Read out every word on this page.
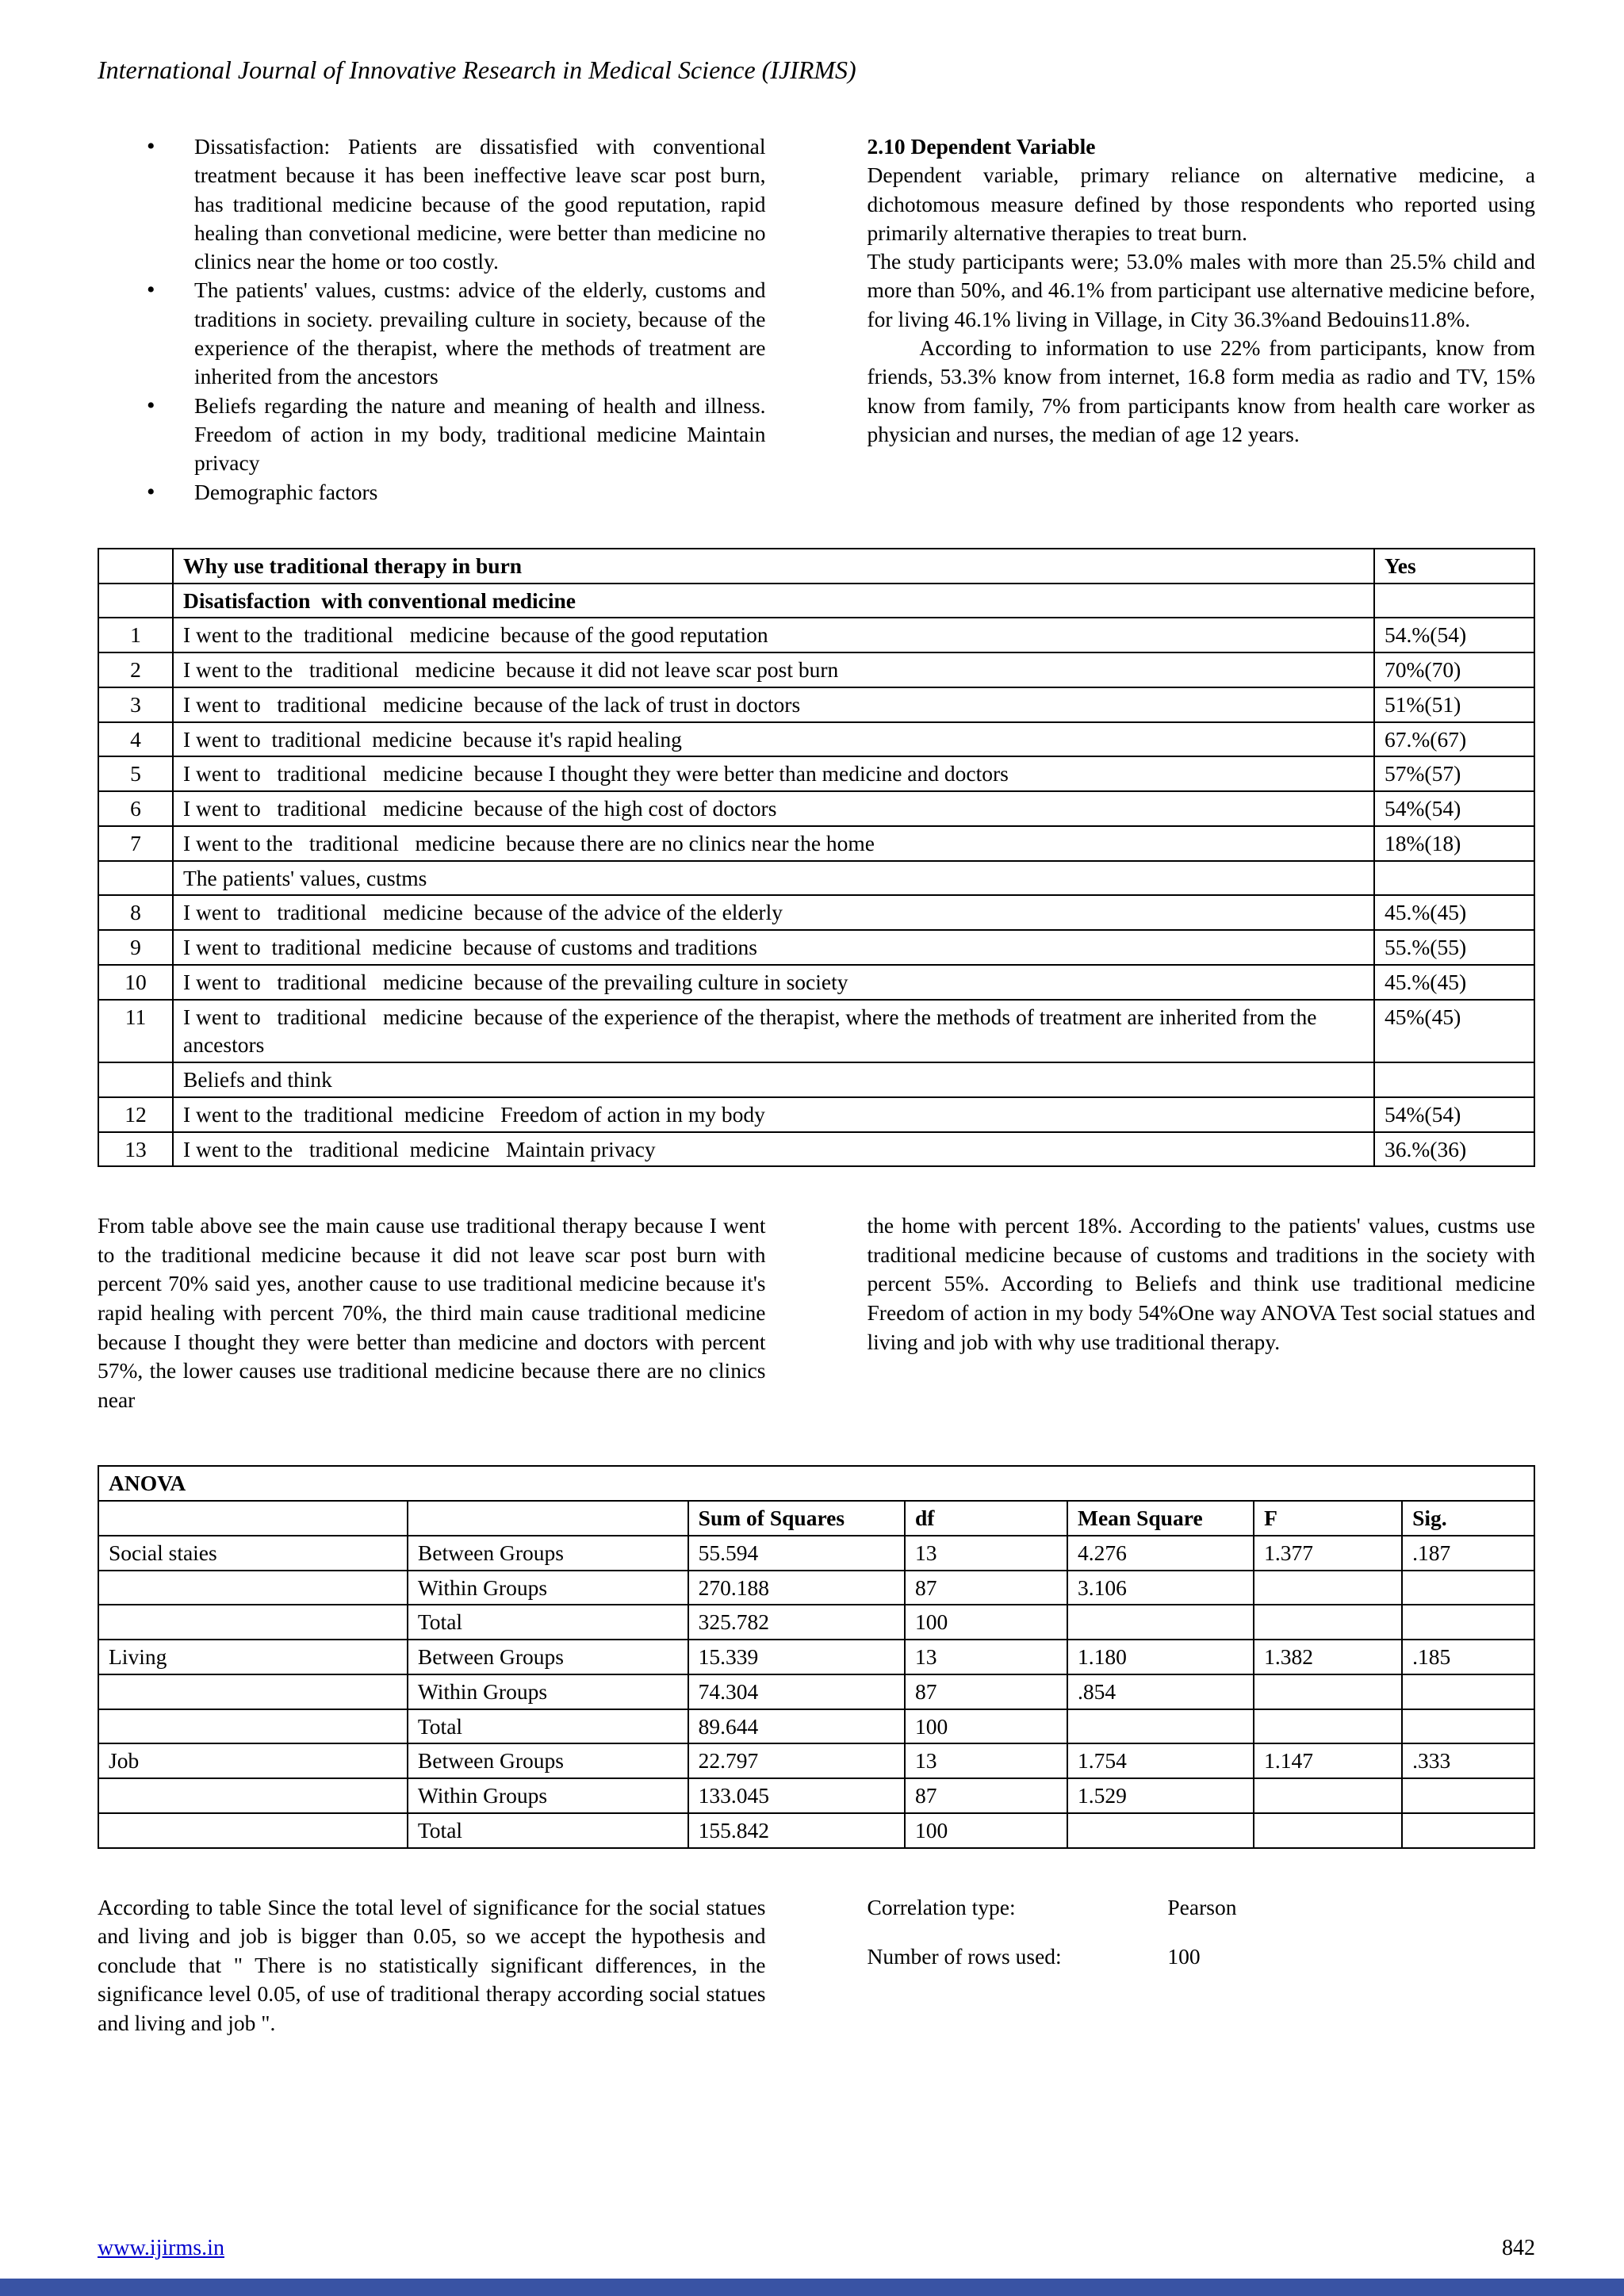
International Journal of Innovative Research in Medical Science (IJIRMS)
• Dissatisfaction: Patients are dissatisfied with conventional treatment because it has been ineffective leave scar post burn, has traditional medicine because of the good reputation, rapid healing than convetional medicine, were better than medicine no clinics near the home or too costly.
• The patients' values, custms: advice of the elderly, customs and traditions in society. prevailing culture in society, because of the experience of the therapist, where the methods of treatment are inherited from the ancestors
• Beliefs regarding the nature and meaning of health and illness. Freedom of action in my body, traditional medicine Maintain privacy
• Demographic factors
2.10 Dependent Variable

Dependent variable, primary reliance on alternative medicine, a dichotomous measure defined by those respondents who reported using primarily alternative therapies to treat burn.

The study participants were; 53.0% males with more than 25.5% child and more than 50%, and 46.1% from participant use alternative medicine before, for living 46.1% living in Village, in City 36.3%and Bedouins11.8%.

According to information to use 22% from participants, know from friends, 53.3% know from internet, 16.8 form media as radio and TV, 15% know from family, 7% from participants know from health care worker as physician and nurses, the median of age 12 years.

	Why use traditional therapy in burn	Yes
	Disatisfaction  with conventional medicine	
1	I went to the  traditional   medicine  because of the good reputation	54.%(54)
2	I went to the   traditional   medicine  because it did not leave scar post burn	70%(70)
3	I went to   traditional   medicine  because of the lack of trust in doctors	51%(51)
4	I went to  traditional  medicine  because it's rapid healing	67.%(67)
5	I went to   traditional   medicine  because I thought they were better than medicine and doctors	57%(57)
6	I went to   traditional   medicine  because of the high cost of doctors	54%(54)
7	I went to the   traditional   medicine  because there are no clinics near the home	18%(18)
	The patients' values, custms	
8	I went to   traditional   medicine  because of the advice of the elderly	45.%(45)
9	I went to  traditional  medicine  because of customs and traditions	55.%(55)
10	I went to   traditional   medicine  because of the prevailing culture in society	45.%(45)
11	I went to   traditional   medicine  because of the experience of the therapist, where the methods of treatment are inherited from the ancestors	45%(45)
	Beliefs and think	
12	I went to the  traditional  medicine   Freedom of action in my body	54%(54)
13	I went to the   traditional  medicine   Maintain privacy	36.%(36)
From table above see the main cause use traditional therapy because I went to the traditional medicine because it did not leave scar post burn with percent 70% said yes, another cause to use traditional medicine because it's rapid healing with percent 70%, the third main cause traditional medicine because I thought they were better than medicine and doctors with percent 57%, the lower causes use traditional medicine because there are no clinics near
the home with percent 18%. According to the patients' values, custms use traditional medicine because of customs and traditions in the society with percent 55%. According to Beliefs and think use traditional medicine Freedom of action in my body 54%One way ANOVA Test social statues and living and job with why use traditional therapy.
ANOVA						
		Sum of Squares	df	Mean Square	F	Sig.
Social staies	Between Groups	55.594	13	4.276	1.377	.187
	Within Groups	270.188	87	3.106		
	Total	325.782	100			
Living	Between Groups	15.339	13	1.180	1.382	.185
	Within Groups	74.304	87	.854		
	Total	89.644	100			
Job	Between Groups	22.797	13	1.754	1.147	.333
	Within Groups	133.045	87	1.529		
	Total	155.842	100			
According to table Since the total level of significance for the social statues and living and job is bigger than 0.05, so we accept the hypothesis and conclude that " There is no statistically significant differences, in the significance level 0.05, of use of traditional therapy according social statues and living and job ".
Correlation type:	Pearson
Number of rows used:	100
www.ijirms.in	842
